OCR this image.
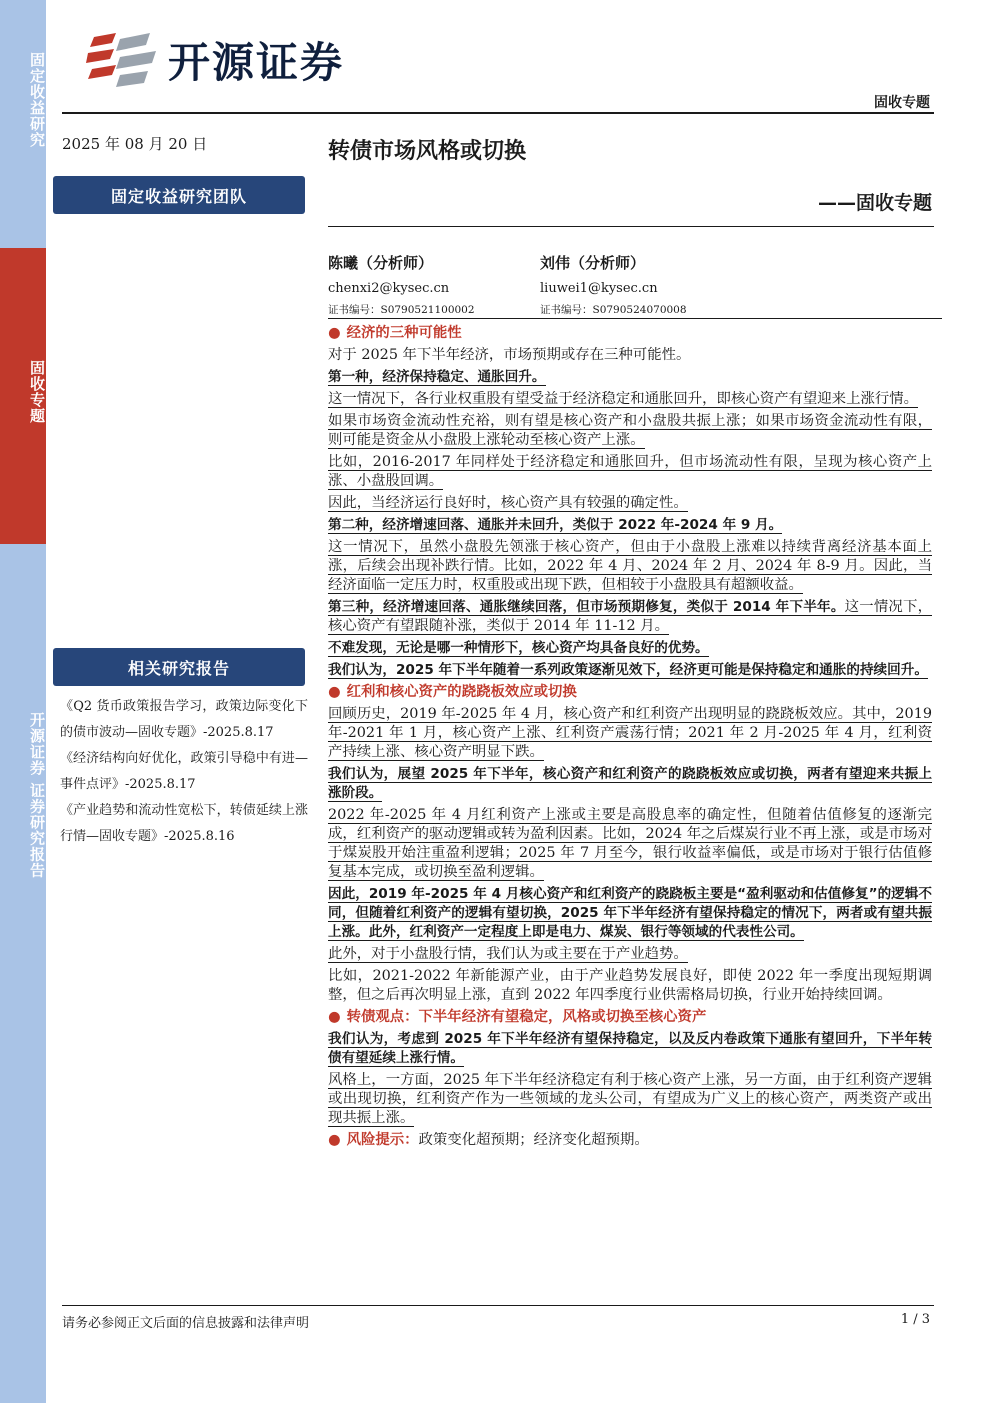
固定收益研究
固收专题
开源证券 证券研究报告
开源证券
固收专题
2025 年 08 月 20 日
固定收益研究团队
相关研究报告

《Q2 货币政策报告学习，政策边际变化下的债市波动—固收专题》-2025.8.17

《经济结构向好优化，政策引导稳中有进—事件点评》-2025.8.17

《产业趋势和流动性宽松下，转债延续上涨行情—固收专题》-2025.8.16

转债市场风格或切换
——固收专题
陈曦（分析师）
chenxi2@kysec.cn
证书编号：S0790521100002
刘伟（分析师）
liuwei1@kysec.cn
证书编号：S0790524070008
● 经济的三种可能性

对于 2025 年下半年经济，市场预期或存在三种可能性。

第一种，经济保持稳定、通胀回升。

这一情况下，各行业权重股有望受益于经济稳定和通胀回升，即核心资产有望迎来上涨行情。

如果市场资金流动性充裕，则有望是核心资产和小盘股共振上涨；如果市场资金流动性有限，则可能是资金从小盘股上涨轮动至核心资产上涨。

比如，2016-2017 年同样处于经济稳定和通胀回升，但市场流动性有限，呈现为核心资产上涨、小盘股回调。

因此，当经济运行良好时，核心资产具有较强的确定性。

第二种，经济增速回落、通胀并未回升，类似于 2022 年-2024 年 9 月。

这一情况下，虽然小盘股先领涨于核心资产，但由于小盘股上涨难以持续背离经济基本面上涨，后续会出现补跌行情。比如，2022 年 4 月、2024 年 2 月、2024 年 8-9 月。因此，当经济面临一定压力时，权重股或出现下跌，但相较于小盘股具有超额收益。

第三种，经济增速回落、通胀继续回落，但市场预期修复，类似于 2014 年下半年。这一情况下，核心资产有望跟随补涨，类似于 2014 年 11-12 月。

不难发现，无论是哪一种情形下，核心资产均具备良好的优势。

我们认为，2025 年下半年随着一系列政策逐渐见效下，经济更可能是保持稳定和通胀的持续回升。

● 红利和核心资产的跷跷板效应或切换

回顾历史，2019 年-2025 年 4 月，核心资产和红利资产出现明显的跷跷板效应。其中，2019 年-2021 年 1 月，核心资产上涨、红利资产震荡行情；2021 年 2 月-2025 年 4 月，红利资产持续上涨、核心资产明显下跌。

我们认为，展望 2025 年下半年，核心资产和红利资产的跷跷板效应或切换，两者有望迎来共振上涨阶段。

2022 年-2025 年 4 月红利资产上涨或主要是高股息率的确定性，但随着估值修复的逐渐完成，红利资产的驱动逻辑或转为盈利因素。比如，2024 年之后煤炭行业不再上涨，或是市场对于煤炭股开始注重盈利逻辑；2025 年 7 月至今，银行收益率偏低，或是市场对于银行估值修复基本完成，或切换至盈利逻辑。

因此，2019 年-2025 年 4 月核心资产和红利资产的跷跷板主要是“盈利驱动和估值修复”的逻辑不同，但随着红利资产的逻辑有望切换，2025 年下半年经济有望保持稳定的情况下，两者或有望共振上涨。此外，红利资产一定程度上即是电力、煤炭、银行等领域的代表性公司。

此外，对于小盘股行情，我们认为或主要在于产业趋势。

比如，2021-2022 年新能源产业，由于产业趋势发展良好，即使 2022 年一季度出现短期调整，但之后再次明显上涨，直到 2022 年四季度行业供需格局切换，行业开始持续回调。

● 转债观点：下半年经济有望稳定，风格或切换至核心资产

我们认为，考虑到 2025 年下半年经济有望保持稳定，以及反内卷政策下通胀有望回升，下半年转债有望延续上涨行情。

风格上，一方面，2025 年下半年经济稳定有利于核心资产上涨，另一方面，由于红利资产逻辑或出现切换，红利资产作为一些领域的龙头公司，有望成为广义上的核心资产，两类资产或出现共振上涨。

● 风险提示：政策变化超预期；经济变化超预期。

请务必参阅正文后面的信息披露和法律声明	1 / 3
